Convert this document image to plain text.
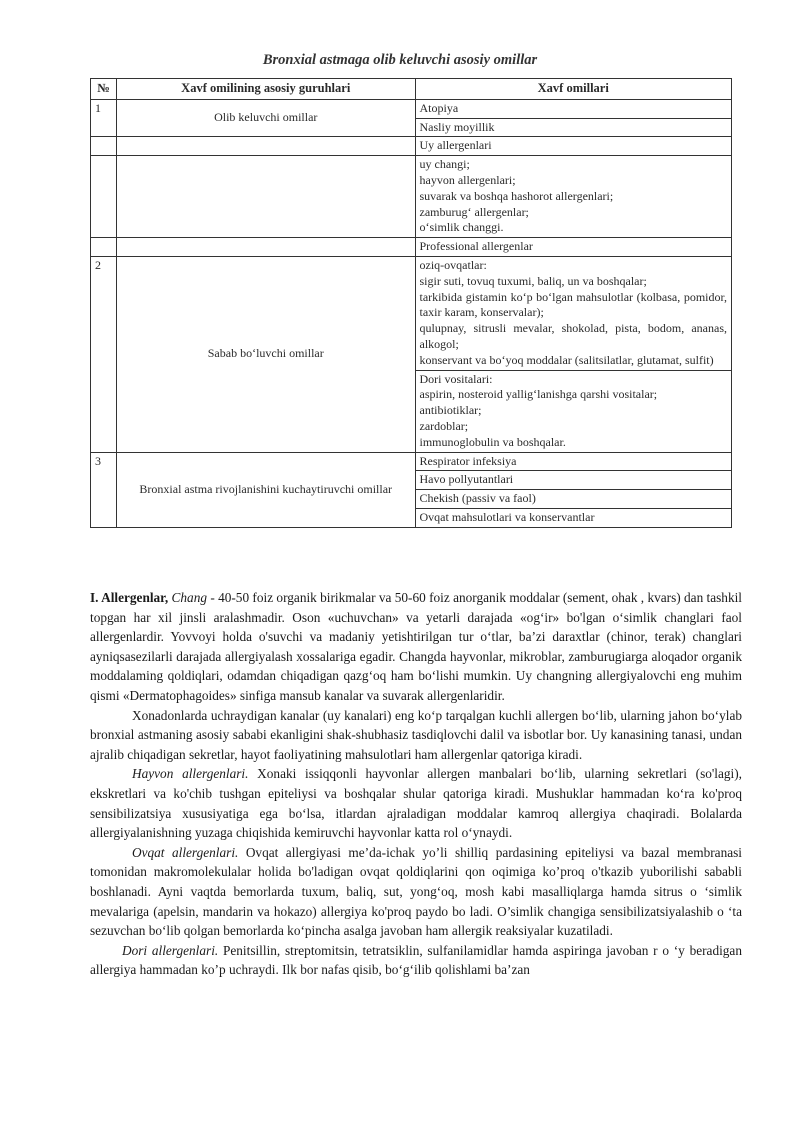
Bronxial astmaga olib keluvchi asosiy omillar
№	Xavf omilining asosiy guruhlari	Xavf omillari
1	Olib keluvchi omillar	Atopiya
		Nasliy moyillik
		Uy allergenlari

		uy changi;
hayvon allergenlari;
suvarak va boshqa hashorot allergenlari;
zamburug‘ allergenlar;
o‘simlik changgi.

		Professional allergenlar
2	Sabab bo‘luvchi omillar	oziq-ovqatlar:
sigir suti, tovuq tuxumi, baliq, un va boshqalar;
tarkibida gistamin ko‘p bo‘lgan mahsulotlar (kolbasa, pomidor, taxir karam, konservalar);
qulupnay, sitrusli mevalar, shokolad, pista, bodom, ananas, alkogol;
konservant va bo‘yoq moddalar (salitsilatlar, glutamat, sulfit)

		Dori vositalari:
aspirin, nosteroid yallig‘lanishga qarshi vositalar;
antibiotiklar;
zardoblar;
immunoglobulin va boshqalar.

3	Bronxial astma rivojlanishini kuchaytiruvchi omillar	Respirator infeksiya
		Havo pollyutantlari
		Chekish (passiv va faol)
		Ovqat mahsulotlari va konservantlar

I. Allergenlar, Chang - 40-50 foiz organik birikmalar va 50-60 foiz anorganik moddalar (sement, ohak , kvars) dan tashkil topgan har xil jinsli aralashmadir. Oson «uchuvchan» va yetarli darajada «og‘ir» bo'lgan o‘simlik changlari faol allergenlardir. Yovvoyi holda o'suvchi va madaniy yetishtirilgan tur o‘tlar, ba’zi daraxtlar (chinor, terak) changlari ayniqsasezilarli darajada allergiyalash xossalariga egadir. Changda hayvonlar, mikroblar, zamburugiarga aloqador organik moddalaming qoldiqlari, odamdan chiqadigan qazg‘oq ham bo‘lishi mumkin. Uy changning allergiyalovchi eng muhim qismi «Dermatophagoides» sinfiga mansub kanalar va suvarak allergenlaridir.

Xonadonlarda uchraydigan kanalar (uy kanalari) eng ko‘p tarqalgan kuchli allergen bo‘lib, ularning jahon bo‘ylab bronxial astmaning asosiy sababi ekanligini shak-shubhasiz tasdiqlovchi dalil va isbotlar bor. Uy kanasining tanasi, undan ajralib chiqadigan sekretlar, hayot faoliyatining mahsulotlari ham allergenlar qatoriga kiradi.

Hayvon allergenlari. Xonaki issiqqonli hayvonlar allergen manbalari bo‘lib, ularning sekretlari (so'lagi), ekskretlari va ko'chib tushgan epiteliysi va boshqalar shular qatoriga kiradi. Mushuklar hammadan ko‘ra ko'proq sensibilizatsiya xususiyatiga ega bo‘lsa, itlardan ajraladigan moddalar kamroq allergiya chaqiradi. Bolalarda allergiyalanishning yuzaga chiqishida kemiruvchi hayvonlar katta rol o‘ynaydi.

Ovqat allergenlari. Ovqat allergiyasi me’da-ichak yo’li shilliq pardasining epiteliysi va bazal membranasi tomonidan makromolekulalar holida bo'ladigan ovqat qoldiqlarini qon oqimiga ko’proq o'tkazib yuborilishi sababli boshlanadi. Ayni vaqtda bemorlarda tuxum, baliq, sut, yong‘oq, mosh kabi masalliqlarga hamda sitrus o ‘simlik mevalariga (apelsin, mandarin va hokazo) allergiya ko'proq paydo bo ladi. O’simlik changiga sensibilizatsiyalashib o ‘ta sezuvchan bo‘lib qolgan bemorlarda ko‘pincha asalga javoban ham allergik reaksiyalar kuzatiladi.

Dori allergenlari. Penitsillin, streptomitsin, tetratsiklin, sulfanilamidlar hamda aspiringa javoban r o ‘y beradigan allergiya hammadan ko’p uchraydi. Ilk bor nafas qisib, bo‘g‘ilib qolishlami ba’zan
